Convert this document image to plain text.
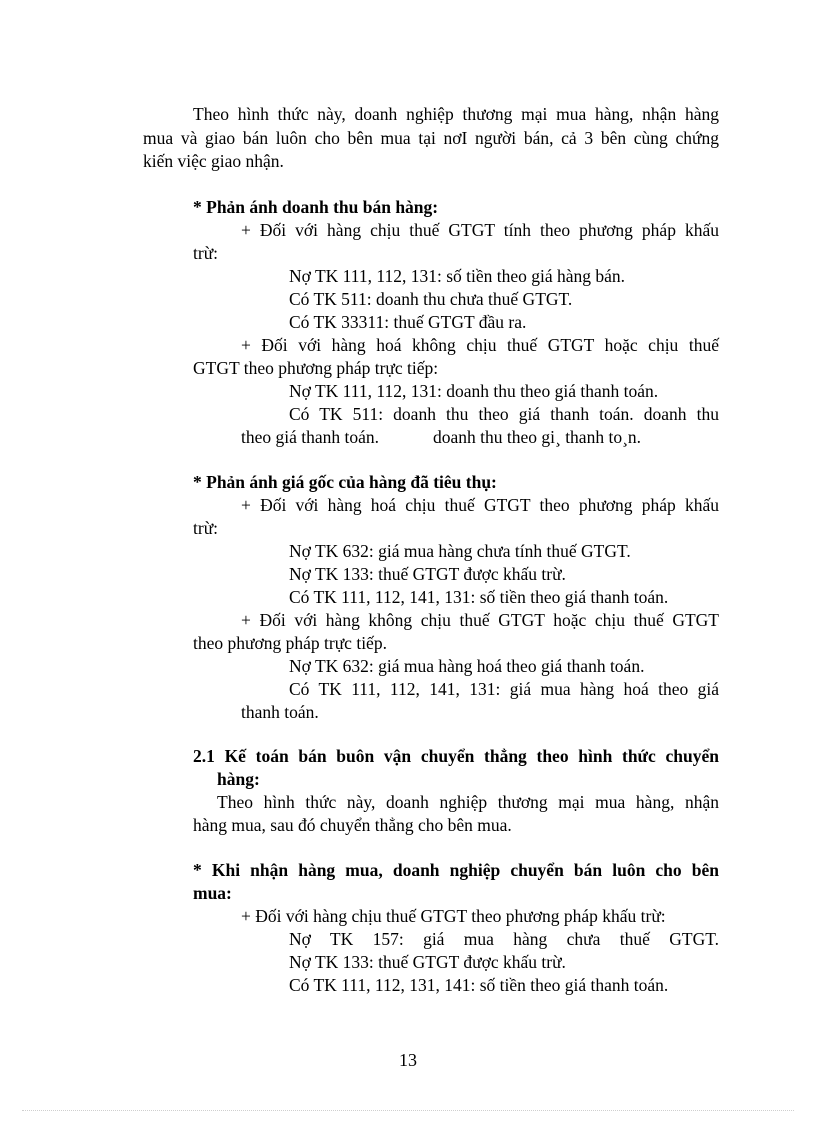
Theo hình thức này, doanh nghiệp thương mại mua hàng, nhận hàng
mua và giao bán luôn cho bên mua tại nơI người bán, cả 3 bên cùng chứng
kiến việc giao nhận.
* Phản ánh doanh thu bán hàng:
+ Đối với hàng chịu thuế GTGT tính theo phương pháp khấu
trừ:
Nợ TK 111, 112, 131: số tiền theo giá hàng bán.
Có TK 511: doanh thu chưa thuế GTGT.
Có TK 33311: thuế GTGT đầu ra.
+ Đối với hàng hoá không chịu thuế GTGT hoặc chịu thuế
GTGT theo phương pháp trực tiếp:
Nợ TK 111, 112, 131: doanh thu theo giá thanh toán.
Có TK 511: doanh thu theo giá thanh toán. doanh thu
theo giá thanh toán.	doanh thu theo gi¸ thanh to¸n.
* Phản ánh giá gốc của hàng đã tiêu thụ:
+ Đối với hàng hoá chịu thuế GTGT theo phương pháp khấu
trừ:
Nợ TK 632: giá mua hàng chưa tính thuế GTGT.
Nợ TK 133: thuế GTGT được khấu trừ.
Có TK 111, 112, 141, 131: số tiền theo giá thanh toán.
+ Đối với hàng không chịu thuế GTGT hoặc chịu thuế GTGT
theo phương pháp trực tiếp.
Nợ TK 632: giá mua hàng hoá theo giá thanh toán.
Có TK 111, 112, 141, 131: giá mua hàng hoá theo giá
thanh toán.
2.1 Kế toán bán buôn vận chuyển thẳng theo hình thức chuyển
hàng:
Theo hình thức này, doanh nghiệp thương mại mua hàng, nhận
hàng mua, sau đó chuyển thẳng cho bên mua.
* Khi nhận hàng mua, doanh nghiệp chuyển bán luôn cho bên
mua:
+ Đối với hàng chịu thuế GTGT theo phương pháp khấu trừ:
Nợ TK 157: giá mua hàng chưa thuế GTGT.
Nợ TK 133: thuế GTGT được khấu trừ.
Có TK 111, 112, 131, 141: số tiền theo giá thanh toán.
13
